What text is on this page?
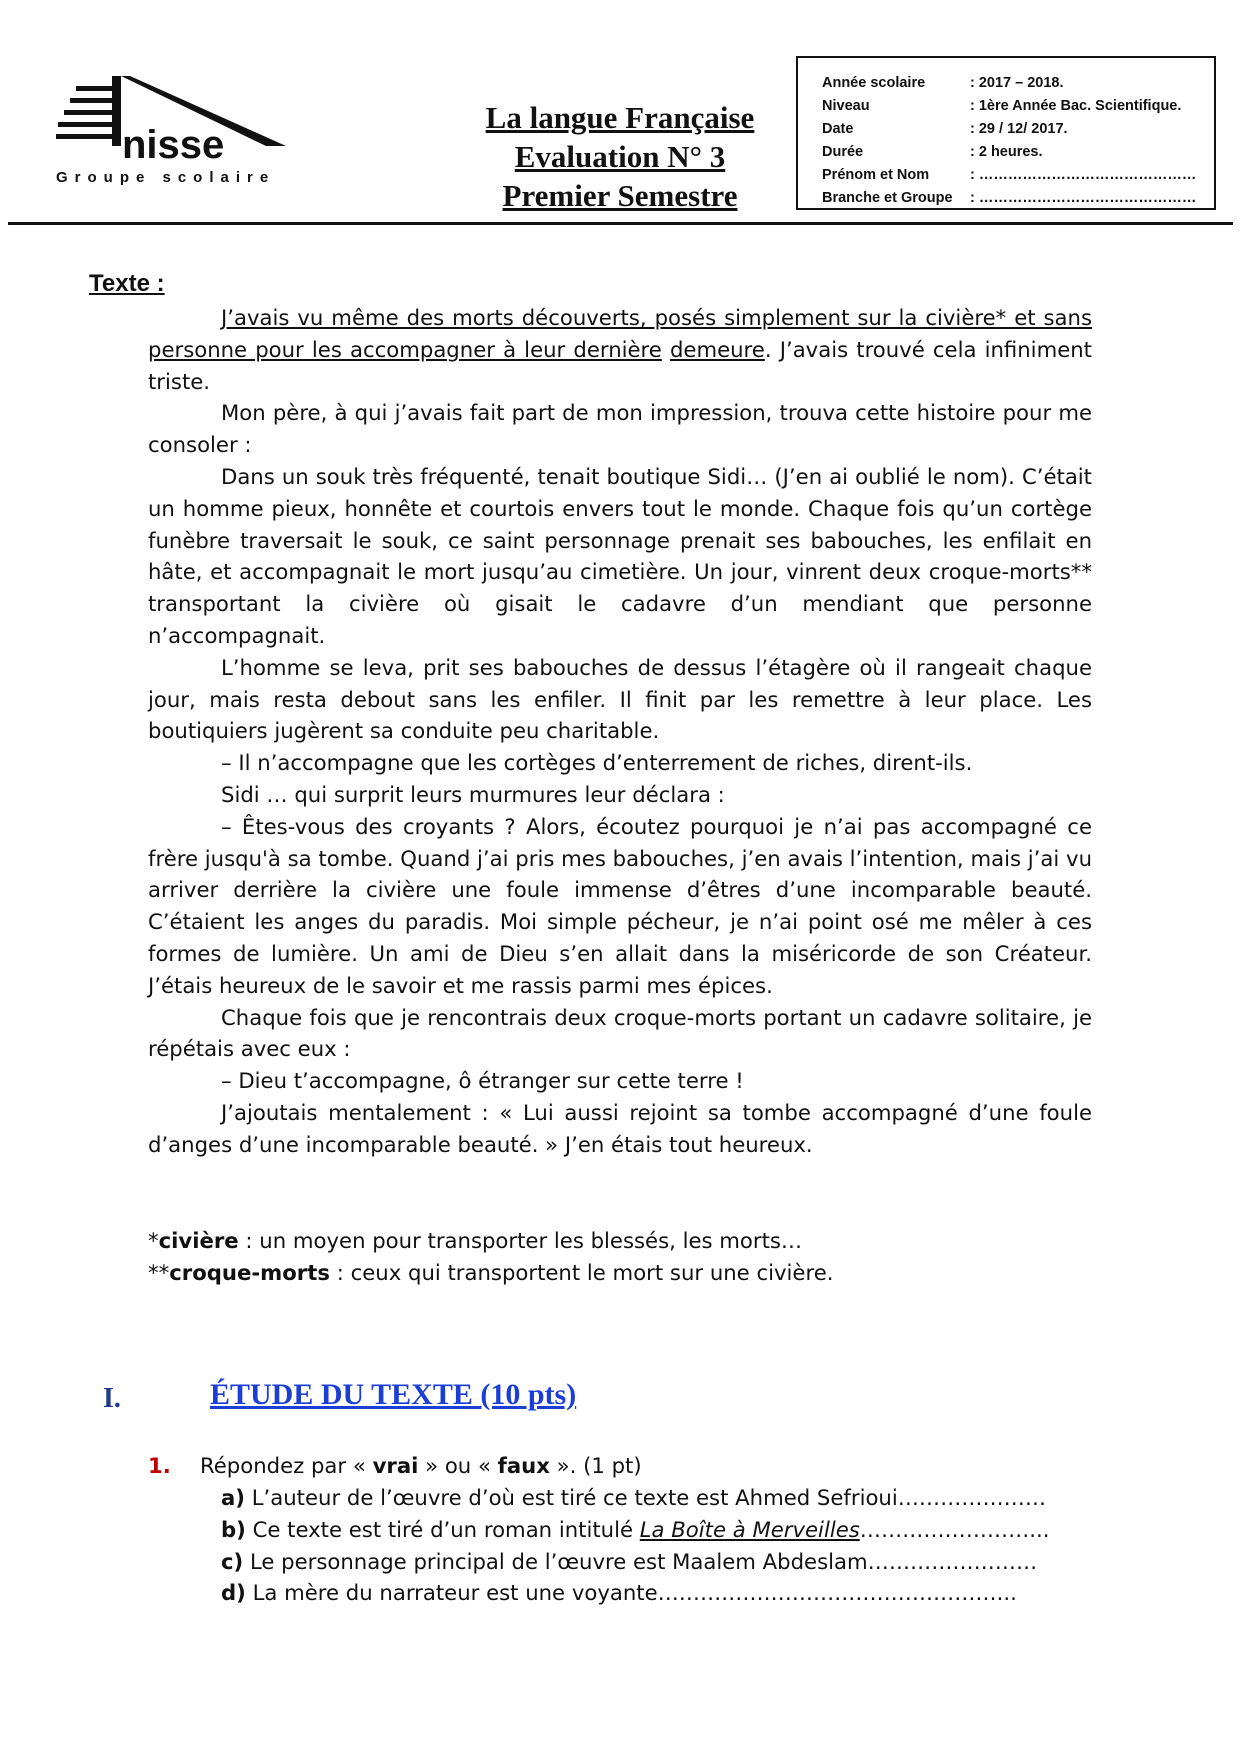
nisse
Groupe scolaire
La langue Française
Evaluation N° 3
Premier Semestre
Année scolaire	: 2017 – 2018.
Niveau	: 1ère Année Bac. Scientifique.
Date	: 29 / 12/ 2017.
Durée	: 2 heures.
Prénom et Nom	: ………………………………………
Branche et Groupe	: ………………………………………
Texte :

J’avais vu même des morts découverts, posés simplement sur la civière* et sans personne pour les accompagner à leur dernière demeure. J’avais trouvé cela infiniment triste.

Mon père, à qui j’avais fait part de mon impression, trouva cette histoire pour me consoler :

Dans un souk très fréquenté, tenait boutique Sidi… (J’en ai oublié le nom). C’était un homme pieux, honnête et courtois envers tout le monde. Chaque fois qu’un cortège funèbre traversait le souk, ce saint personnage prenait ses babouches, les enfilait en hâte, et accompagnait le mort jusqu’au cimetière. Un jour, vinrent deux croque-morts** transportant la civière où gisait le cadavre d’un mendiant que personne n’accompagnait.

L’homme se leva, prit ses babouches de dessus l’étagère où il rangeait chaque jour, mais resta debout sans les enfiler. Il finit par les remettre à leur place. Les boutiquiers jugèrent sa conduite peu charitable.

– Il n’accompagne que les cortèges d’enterrement de riches, dirent-ils.

Sidi … qui surprit leurs murmures leur déclara :

– Êtes-vous des croyants ? Alors, écoutez pourquoi je n’ai pas accompagné ce frère jusqu'à sa tombe. Quand j’ai pris mes babouches, j’en avais l’intention, mais j’ai vu arriver derrière la civière une foule immense d’êtres d’une incomparable beauté. C’étaient les anges du paradis. Moi simple pécheur, je n’ai point osé me mêler à ces formes de lumière. Un ami de Dieu s’en allait dans la miséricorde de son Créateur. J’étais heureux de le savoir et me rassis parmi mes épices.

Chaque fois que je rencontrais deux croque-morts portant un cadavre solitaire, je répétais avec eux :

– Dieu t’accompagne, ô étranger sur cette terre !

J’ajoutais mentalement : « Lui aussi rejoint sa tombe accompagné d’une foule d’anges d’une incomparable beauté. » J’en étais tout heureux.

*civière : un moyen pour transporter les blessés, les morts…

**croque-morts : ceux qui transportent le mort sur une civière.

I.	ÉTUDE DU TEXTE (10 pts)
1. Répondez par « vrai » ou « faux ». (1 pt)
a) L’auteur de l’œuvre d’où est tiré ce texte est Ahmed Sefrioui…………………
b) Ce texte est tiré d’un roman intitulé La Boîte à Merveilles……………………...
c) Le personnage principal de l’œuvre est Maalem Abdeslam……………………
d) La mère du narrateur est une voyante…………………………………………...
